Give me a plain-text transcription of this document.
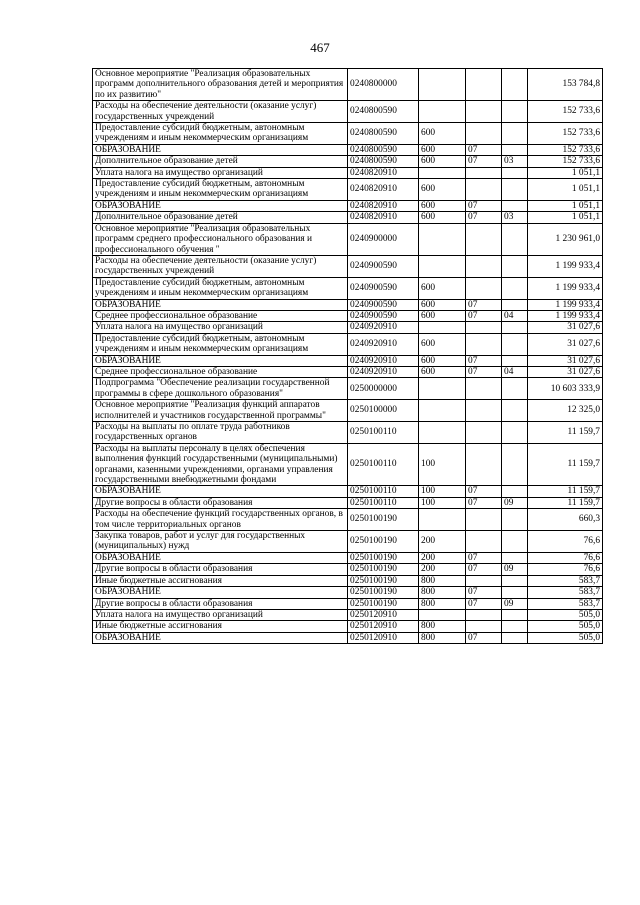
467
Основное мероприятие "Реализация образовательных программ дополнительного образования детей и мероприятия по их развитию"	0240800000				153 784,8
Расходы на обеспечение деятельности (оказание услуг) государственных учреждений	0240800590				152 733,6
Предоставление субсидий бюджетным, автономным учреждениям и иным некоммерческим организациям	0240800590	600			152 733,6
ОБРАЗОВАНИЕ	0240800590	600	07		152 733,6
Дополнительное образование детей	0240800590	600	07	03	152 733,6
Уплата налога на имущество организаций	0240820910				1 051,1
Предоставление субсидий бюджетным, автономным учреждениям и иным некоммерческим организациям	0240820910	600			1 051,1
ОБРАЗОВАНИЕ	0240820910	600	07		1 051,1
Дополнительное образование детей	0240820910	600	07	03	1 051,1
Основное мероприятие "Реализация образовательных программ среднего профессионального образования и профессионального обучения "	0240900000				1 230 961,0
Расходы на обеспечение деятельности (оказание услуг) государственных учреждений	0240900590				1 199 933,4
Предоставление субсидий бюджетным, автономным учреждениям и иным некоммерческим организациям	0240900590	600			1 199 933,4
ОБРАЗОВАНИЕ	0240900590	600	07		1 199 933,4
Среднее профессиональное образование	0240900590	600	07	04	1 199 933,4
Уплата налога на имущество организаций	0240920910				31 027,6
Предоставление субсидий бюджетным, автономным учреждениям и иным некоммерческим организациям	0240920910	600			31 027,6
ОБРАЗОВАНИЕ	0240920910	600	07		31 027,6
Среднее профессиональное образование	0240920910	600	07	04	31 027,6
Подпрограмма "Обеспечение реализации государственной программы в сфере дошкольного образования"	0250000000				10 603 333,9
Основное мероприятие "Реализация функций аппаратов исполнителей и участников государственной программы"	0250100000				12 325,0
Расходы на выплаты по оплате труда работников государственных органов	0250100110				11 159,7
Расходы на выплаты персоналу в целях обеспечения выполнения функций государственными (муниципальными) органами, казенными учреждениями, органами управления государственными внебюджетными фондами	0250100110	100			11 159,7
ОБРАЗОВАНИЕ	0250100110	100	07		11 159,7
Другие вопросы в области образования	0250100110	100	07	09	11 159,7
Расходы на обеспечение функций государственных органов, в том числе территориальных органов	0250100190				660,3
Закупка товаров, работ и услуг для государственных (муниципальных) нужд	0250100190	200			76,6
ОБРАЗОВАНИЕ	0250100190	200	07		76,6
Другие вопросы в области образования	0250100190	200	07	09	76,6
Иные бюджетные ассигнования	0250100190	800			583,7
ОБРАЗОВАНИЕ	0250100190	800	07		583,7
Другие вопросы в области образования	0250100190	800	07	09	583,7
Уплата налога на имущество организаций	0250120910				505,0
Иные бюджетные ассигнования	0250120910	800			505,0
ОБРАЗОВАНИЕ	0250120910	800	07		505,0
